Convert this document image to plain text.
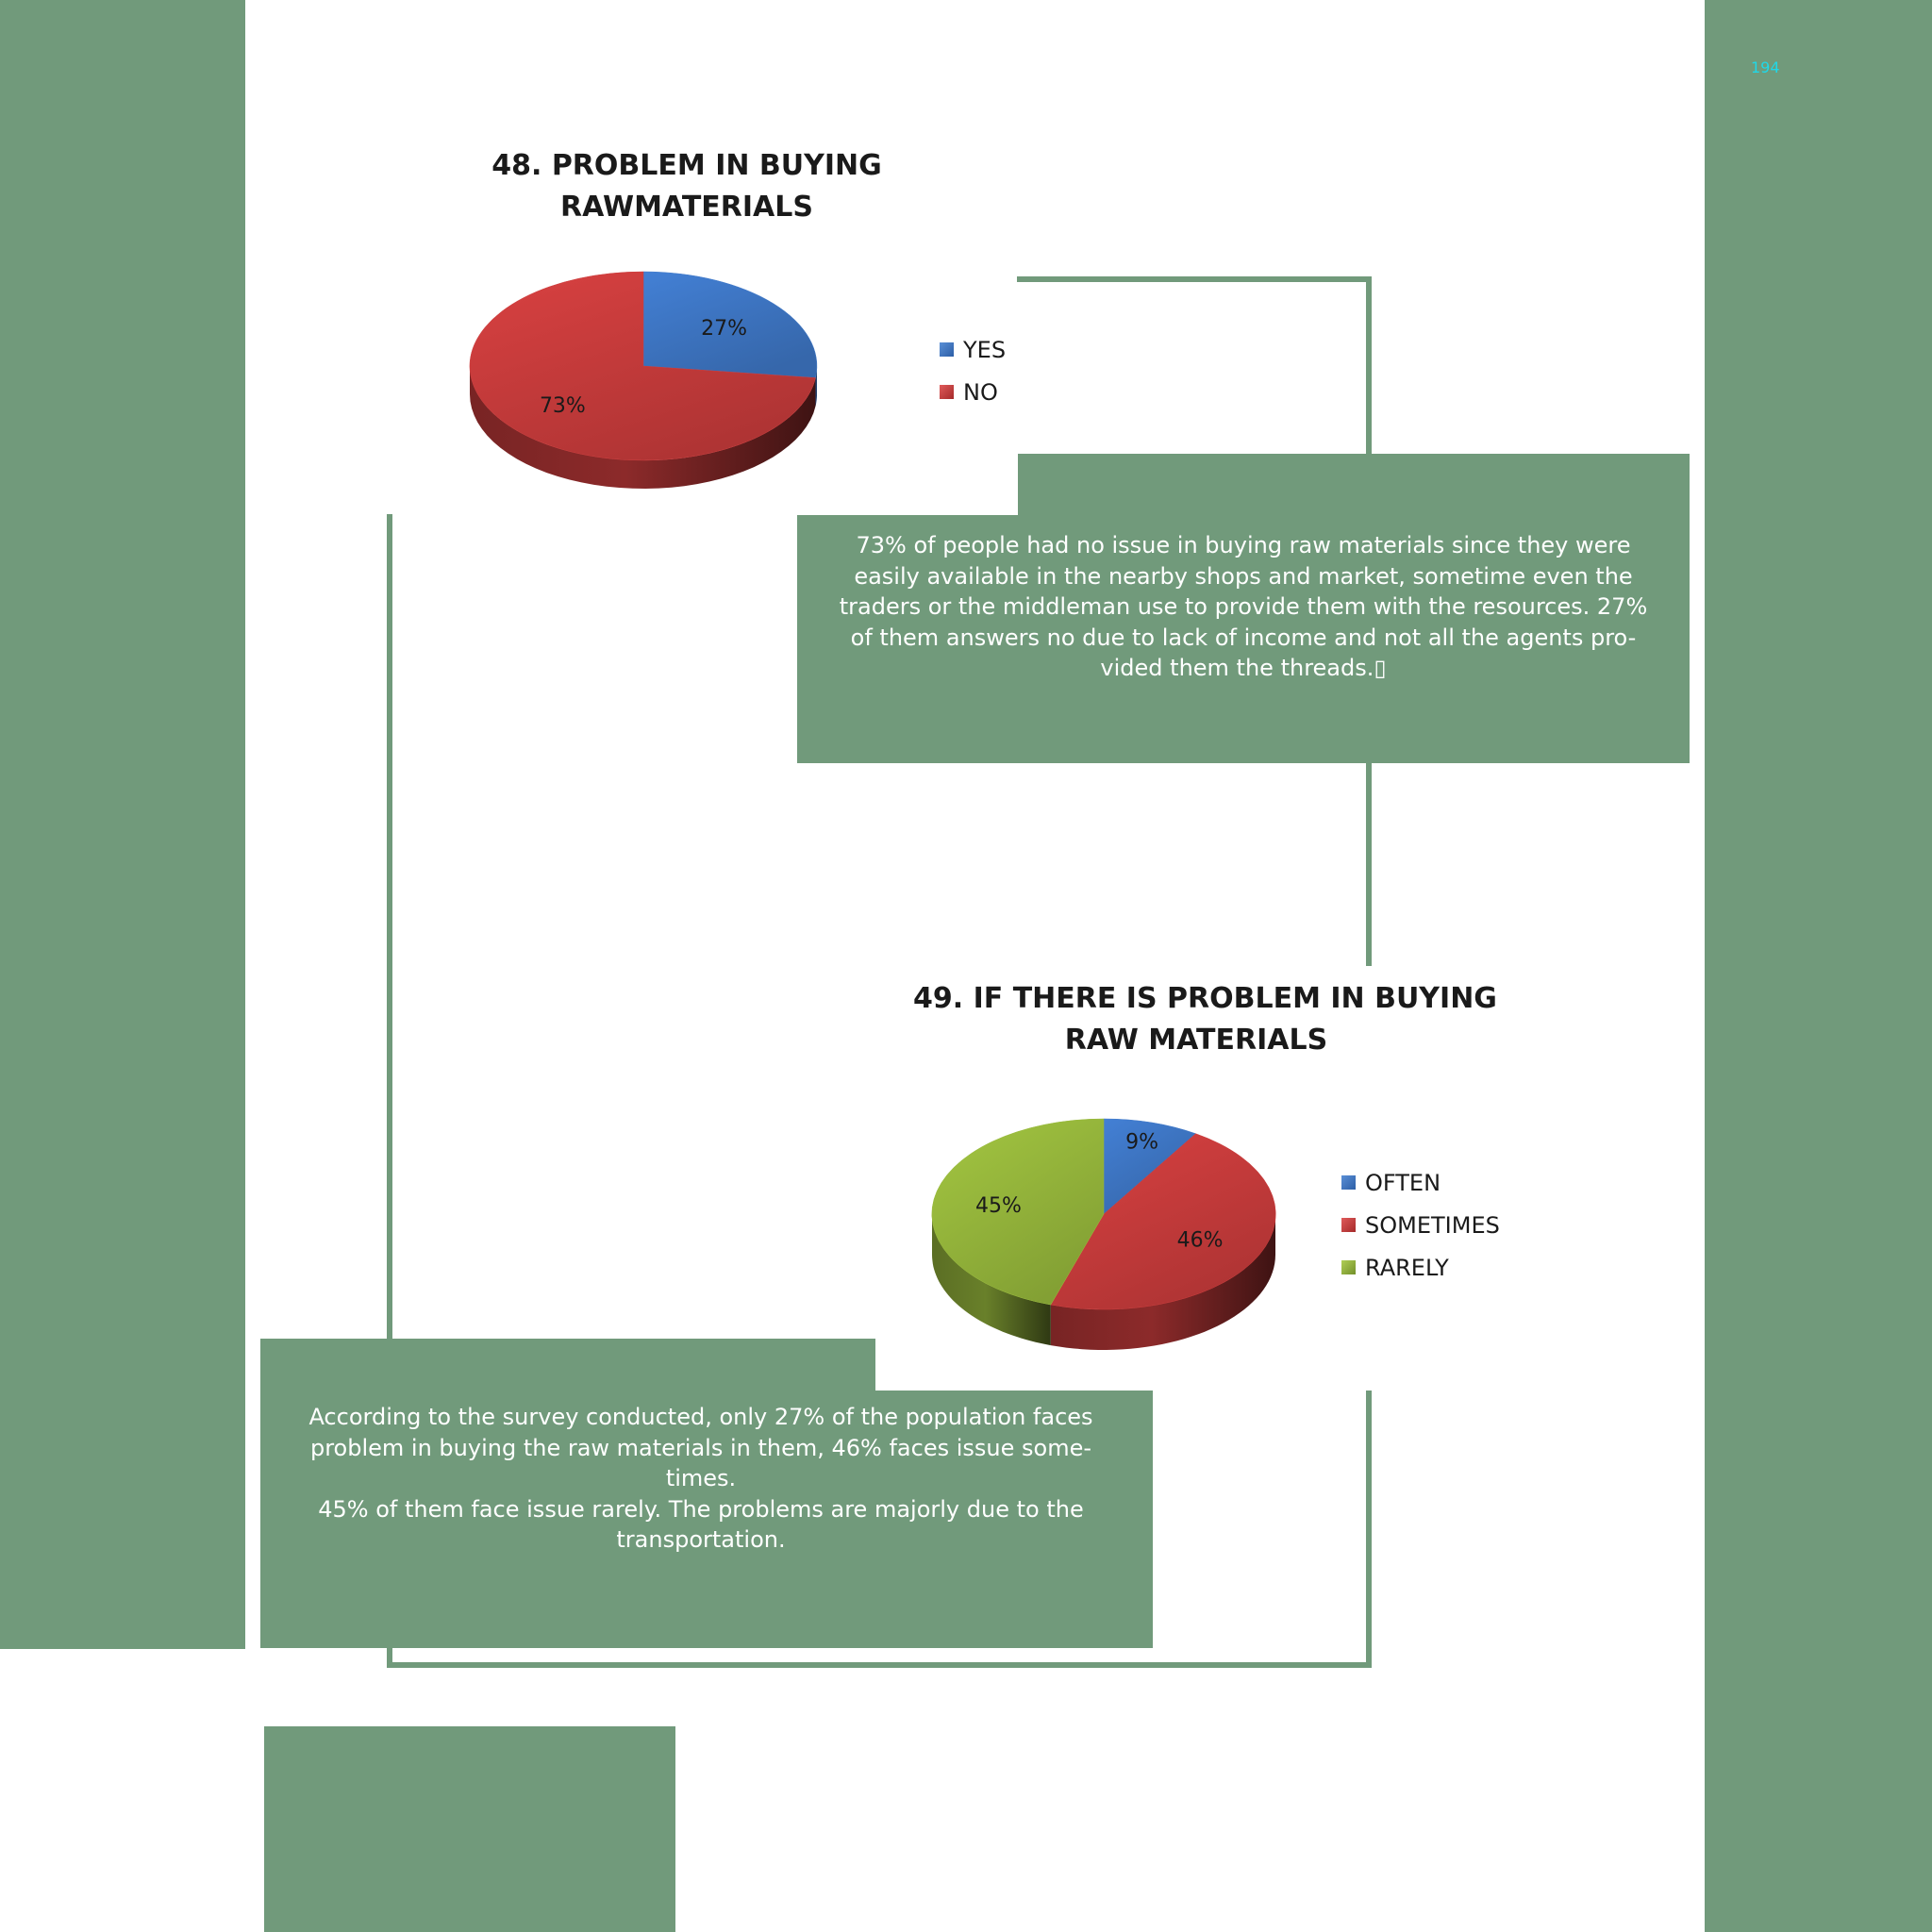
194
48. PROBLEM IN BUYING
RAWMATERIALS
27%
73%
YES
NO
49. IF THERE IS PROBLEM IN BUYING
RAW MATERIALS
9%
46%
45%
OFTEN
SOMETIMES
RARELY
73% of people had no issue in buying raw materials since they were
easily available in the nearby shops and market, sometime even the
traders or the middleman use to provide them with the resources. 27%
of them answers no due to lack of income and not all the agents pro-
vided them the threads.▯
According to the survey conducted, only 27% of the population faces
problem in buying the raw materials in them, 46% faces issue some-
times.
45% of them face issue rarely. The problems are majorly due to the
transportation.
